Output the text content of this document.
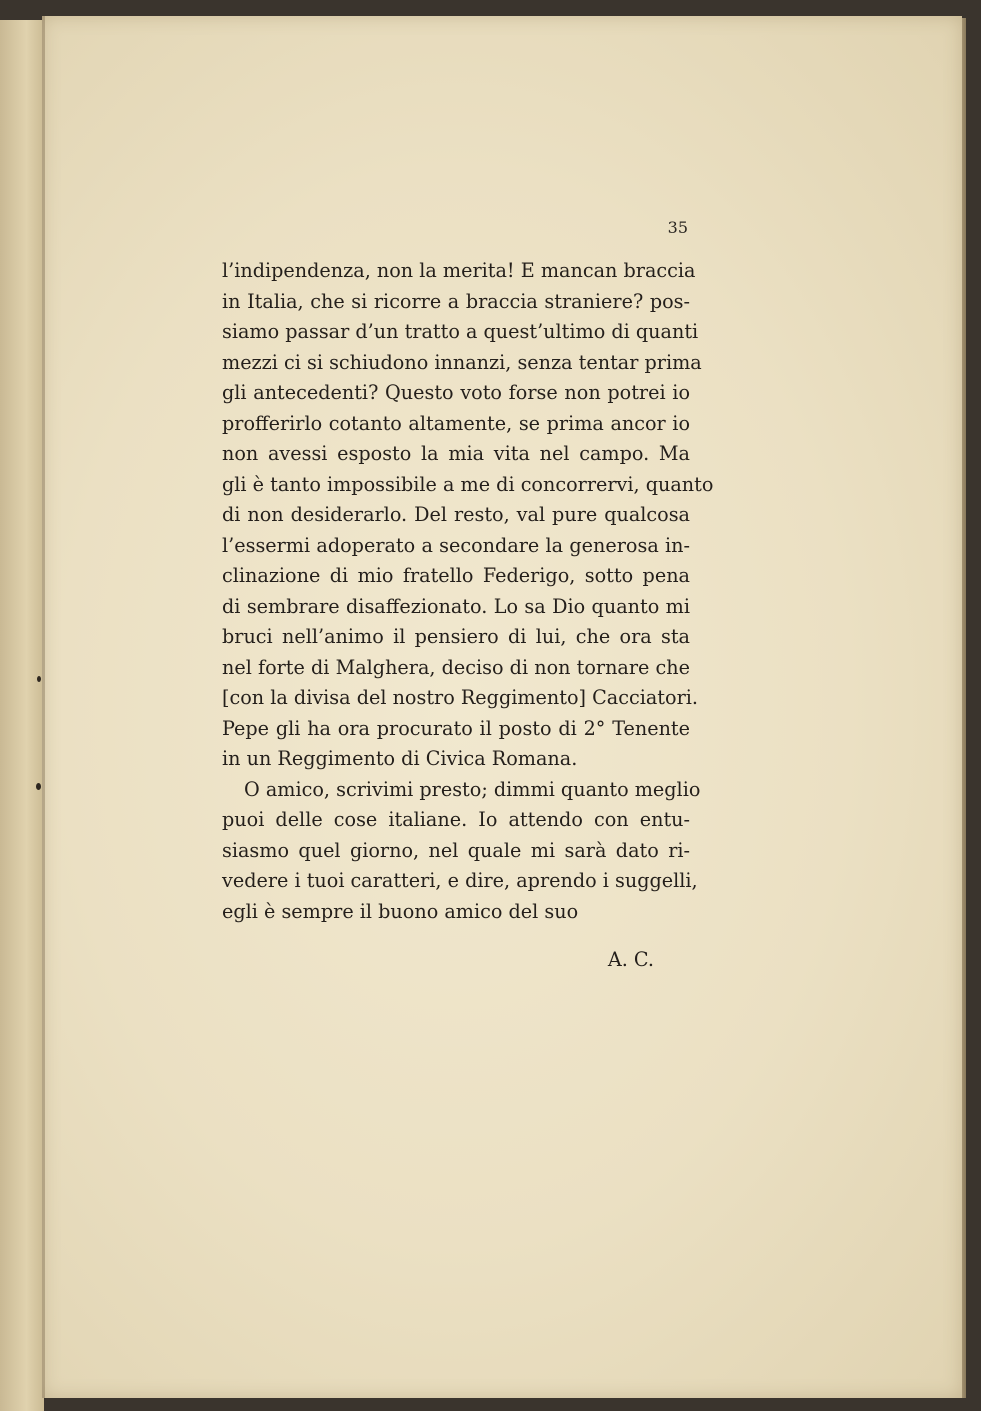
35
l’indipendenza, non la merita! E mancan braccia
in Italia, che si ricorre a braccia straniere? pos-
siamo passar d’un tratto a quest’ultimo di quanti
mezzi ci si schiudono innanzi, senza tentar prima
gli antecedenti? Questo voto forse non potrei io
profferirlo cotanto altamente, se prima ancor io
non avessi esposto la mia vita nel campo. Ma
gli è tanto impossibile a me di concorrervi, quanto
di non desiderarlo. Del resto, val pure qualcosa
l’essermi adoperato a secondare la generosa in-
clinazione di mio fratello Federigo, sotto pena
di sembrare disaffezionato. Lo sa Dio quanto mi
bruci nell’animo il pensiero di lui, che ora sta
nel forte di Malghera, deciso di non tornare che
[con la divisa del nostro Reggimento] Cacciatori.
Pepe gli ha ora procurato il posto di 2° Tenente
in un Reggimento di Civica Romana.
O amico, scrivimi presto; dimmi quanto meglio
puoi delle cose italiane. Io attendo con entu-
siasmo quel giorno, nel quale mi sarà dato ri-
vedere i tuoi caratteri, e dire, aprendo i suggelli,
egli è sempre il buono amico del suo
A. C.
